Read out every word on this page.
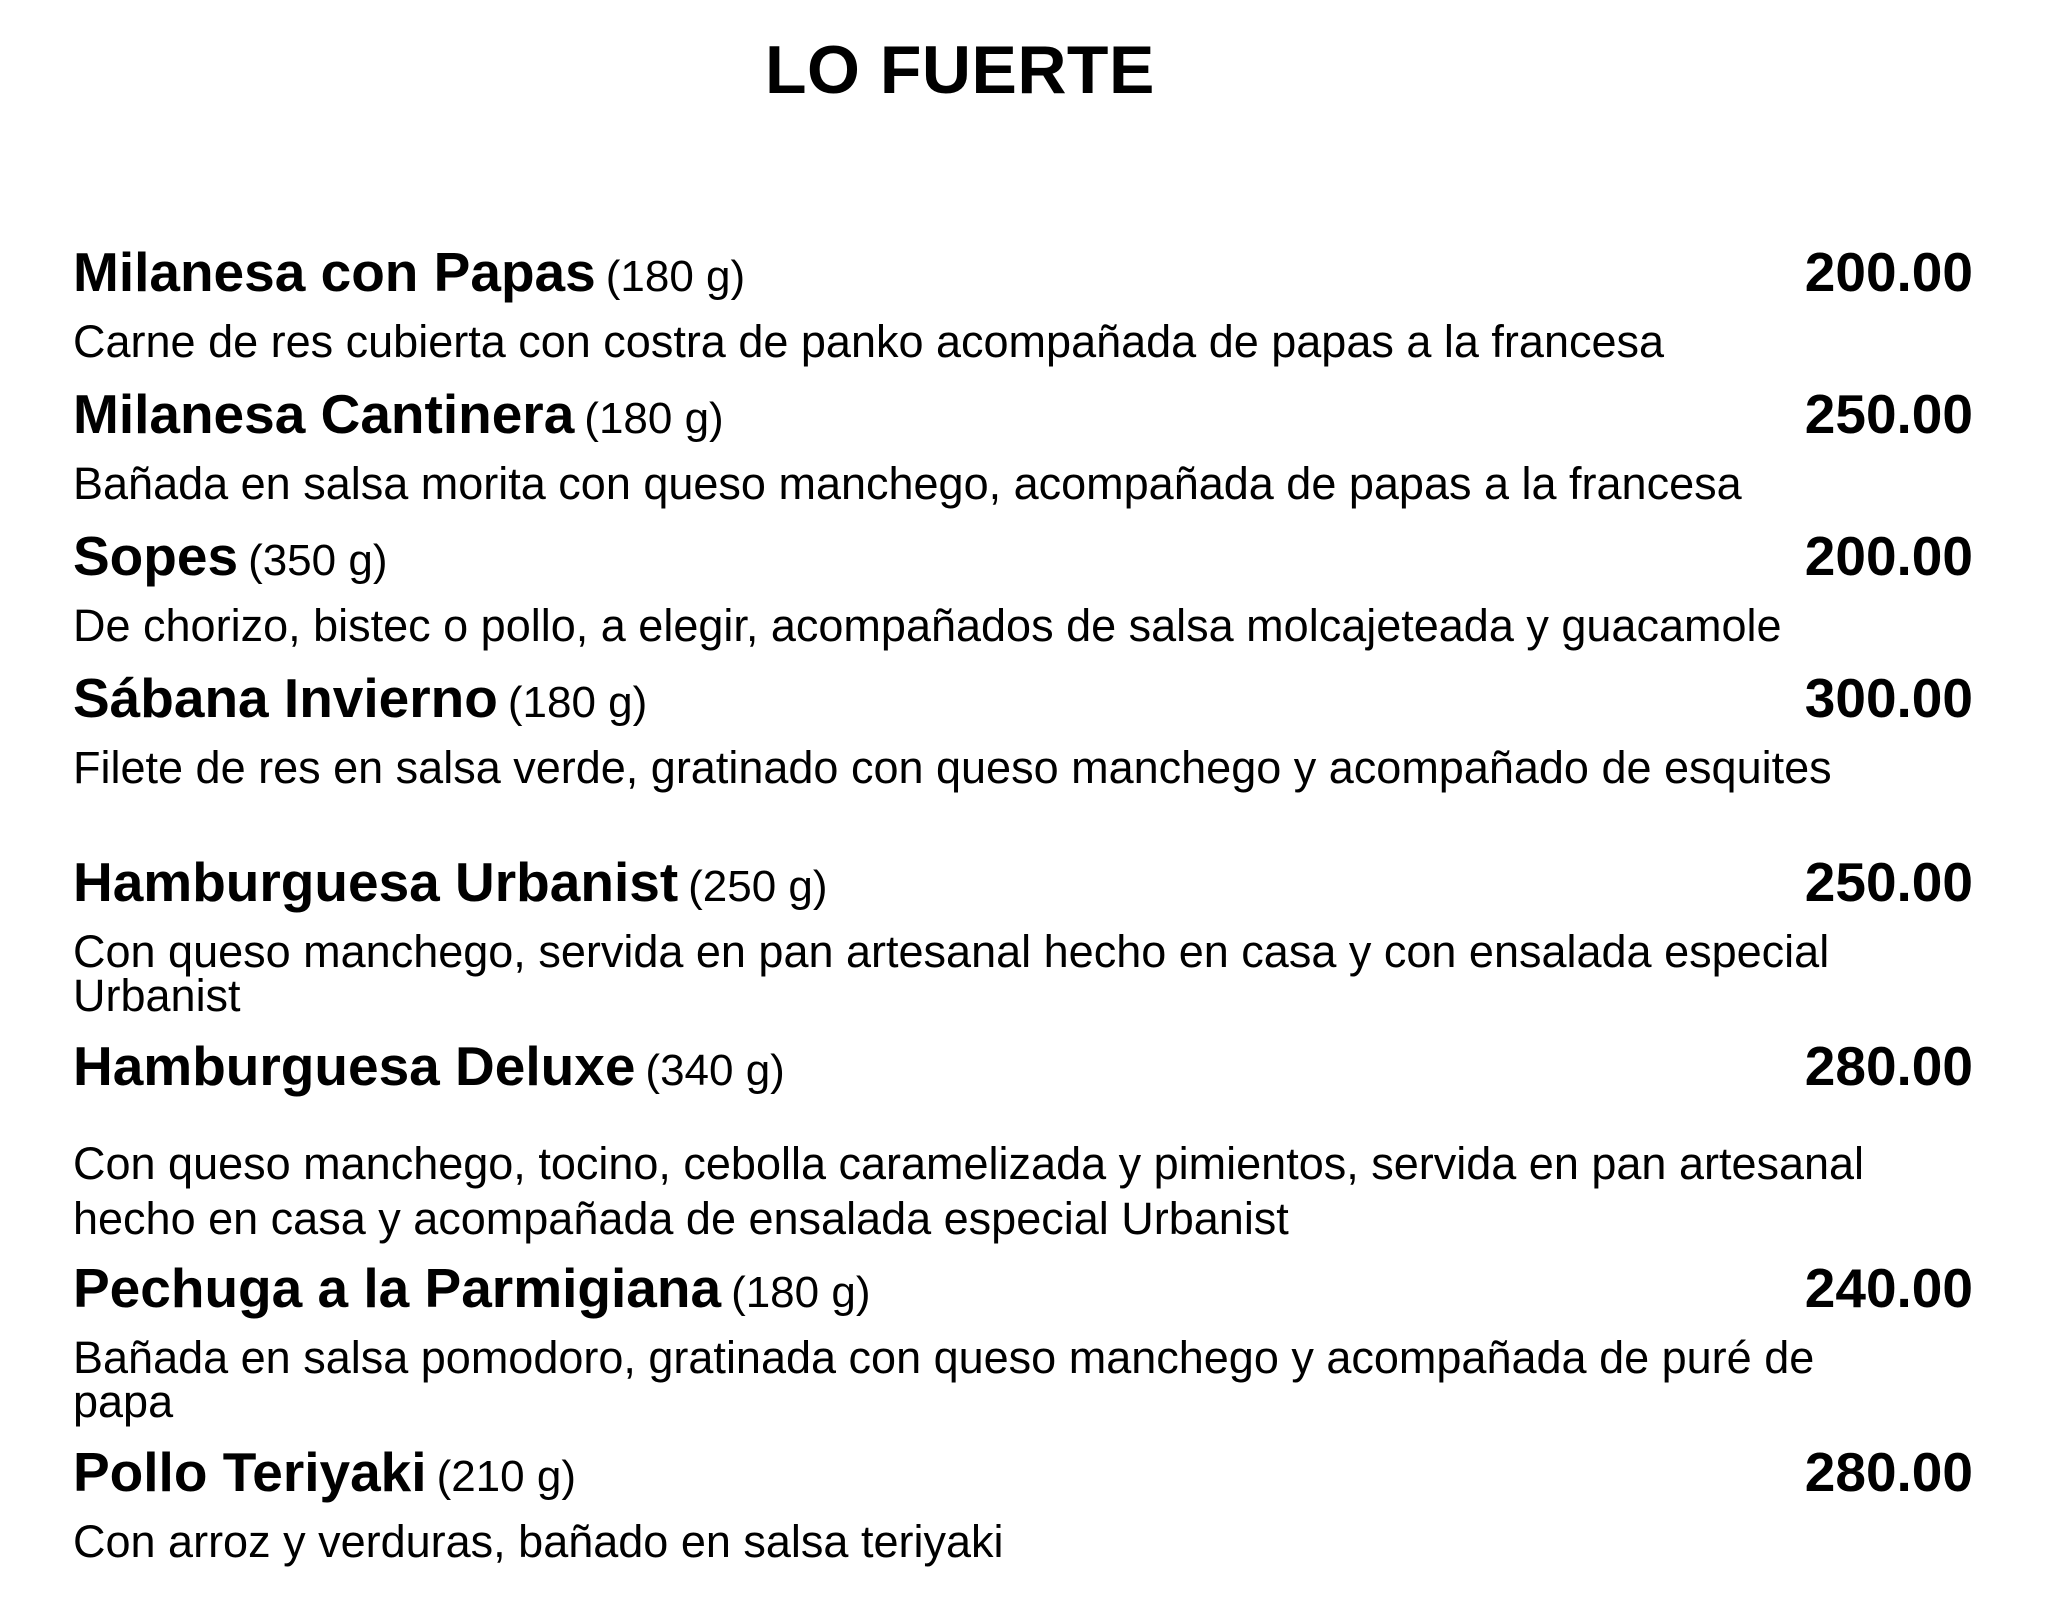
LO FUERTE
Milanesa con Papas (180 g)	200.00
Carne de res cubierta con costra de panko acompañada de papas a la francesa
Milanesa Cantinera (180 g)	250.00
Bañada en salsa morita con queso manchego, acompañada de papas a la francesa
Sopes (350 g)	200.00
De chorizo, bistec o pollo, a elegir, acompañados de salsa molcajeteada y guacamole
Sábana Invierno (180 g)	300.00
Filete de res en salsa verde, gratinado con queso manchego y acompañado de esquites
Hamburguesa Urbanist (250 g)	250.00
Con queso manchego, servida en pan artesanal hecho en casa y con ensalada especial Urbanist
Hamburguesa Deluxe (340 g)	280.00
Con queso manchego, tocino, cebolla caramelizada y pimientos, servida en pan artesanal hecho en casa y acompañada de ensalada especial Urbanist
Pechuga a la Parmigiana (180 g)	240.00
Bañada en salsa pomodoro, gratinada con queso manchego y acompañada de puré de papa
Pollo Teriyaki (210 g)	280.00
Con arroz y verduras, bañado en salsa teriyaki
